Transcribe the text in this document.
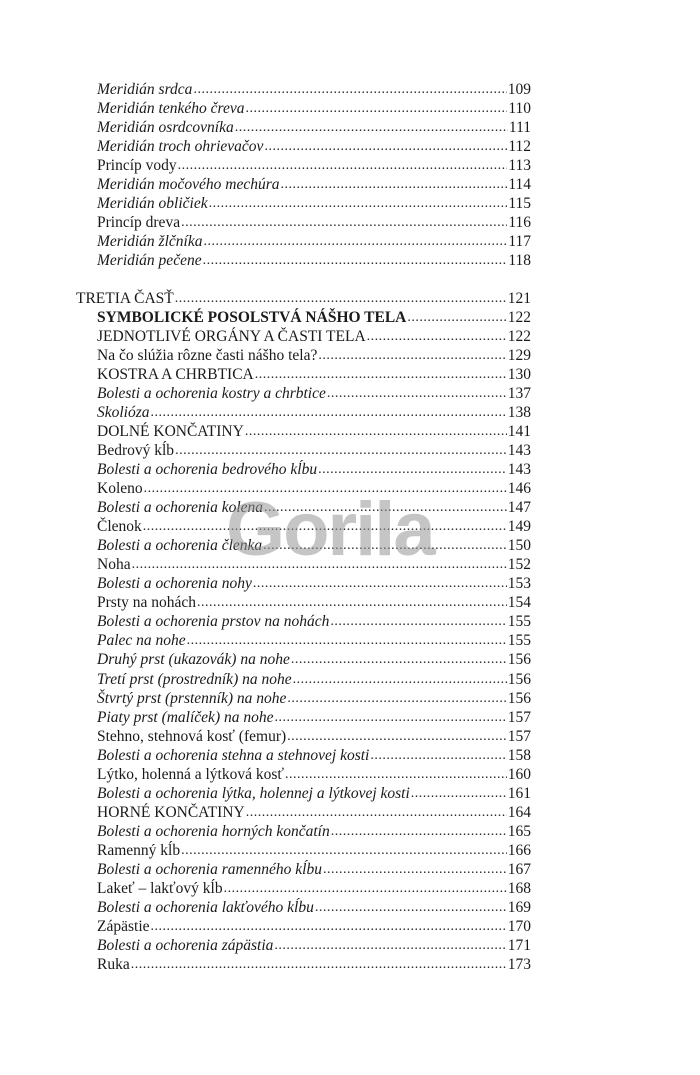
Meridián srdca .....	109
Meridián tenkého čreva .....	110
Meridián osrdcovníka .....	111
Meridián troch ohrievačov .....	112
Princíp vody .....	113
Meridián močového mechúra .....	114
Meridián obličiek .....	115
Princíp dreva .....	116
Meridián žlčníka .....	117
Meridián pečene .....	118
TRETIA ČASŤ .....	121
SYMBOLICKÉ POSOLSTVÁ NÁŠHO TELA .....	122
JEDNOTLIVÉ ORGÁNY A ČASTI TELA .....	122
Na čo slúžia rôzne časti nášho tela? .....	129
KOSTRA A CHRBTICA .....	130
Bolesti a ochorenia kostry a chrbtice .....	137
Skolióza .....	138
DOLNÉ KONČATINY .....	141
Bedrový kĺb .....	143
Bolesti a ochorenia bedrového kĺbu .....	143
Koleno .....	146
Bolesti a ochorenia kolena .....	147
Členok .....	149
Bolesti a ochorenia členka .....	150
Noha .....	152
Bolesti a ochorenia nohy .....	153
Prsty na nohách .....	154
Bolesti a ochorenia prstov na nohách .....	155
Palec na nohe .....	155
Druhý prst (ukazovák) na nohe .....	156
Tretí prst (prostredník) na nohe .....	156
Štvrtý prst (prstenník) na nohe .....	156
Piaty prst (malíček) na nohe .....	157
Stehno, stehnová kosť (femur) .....	157
Bolesti a ochorenia stehna a stehnovej kosti .....	158
Lýtko, holenná a lýtková kosť .....	160
Bolesti a ochorenia lýtka, holennej a lýtkovej kosti .....	161
HORNÉ KONČATINY .....	164
Bolesti a ochorenia horných končatín .....	165
Ramenný kĺb .....	166
Bolesti a ochorenia ramenného kĺbu .....	167
Lakeť – lakťový kĺb .....	168
Bolesti a ochorenia lakťového kĺbu .....	169
Zápästie .....	170
Bolesti a ochorenia zápästia .....	171
Ruka .....	173
Gorila
